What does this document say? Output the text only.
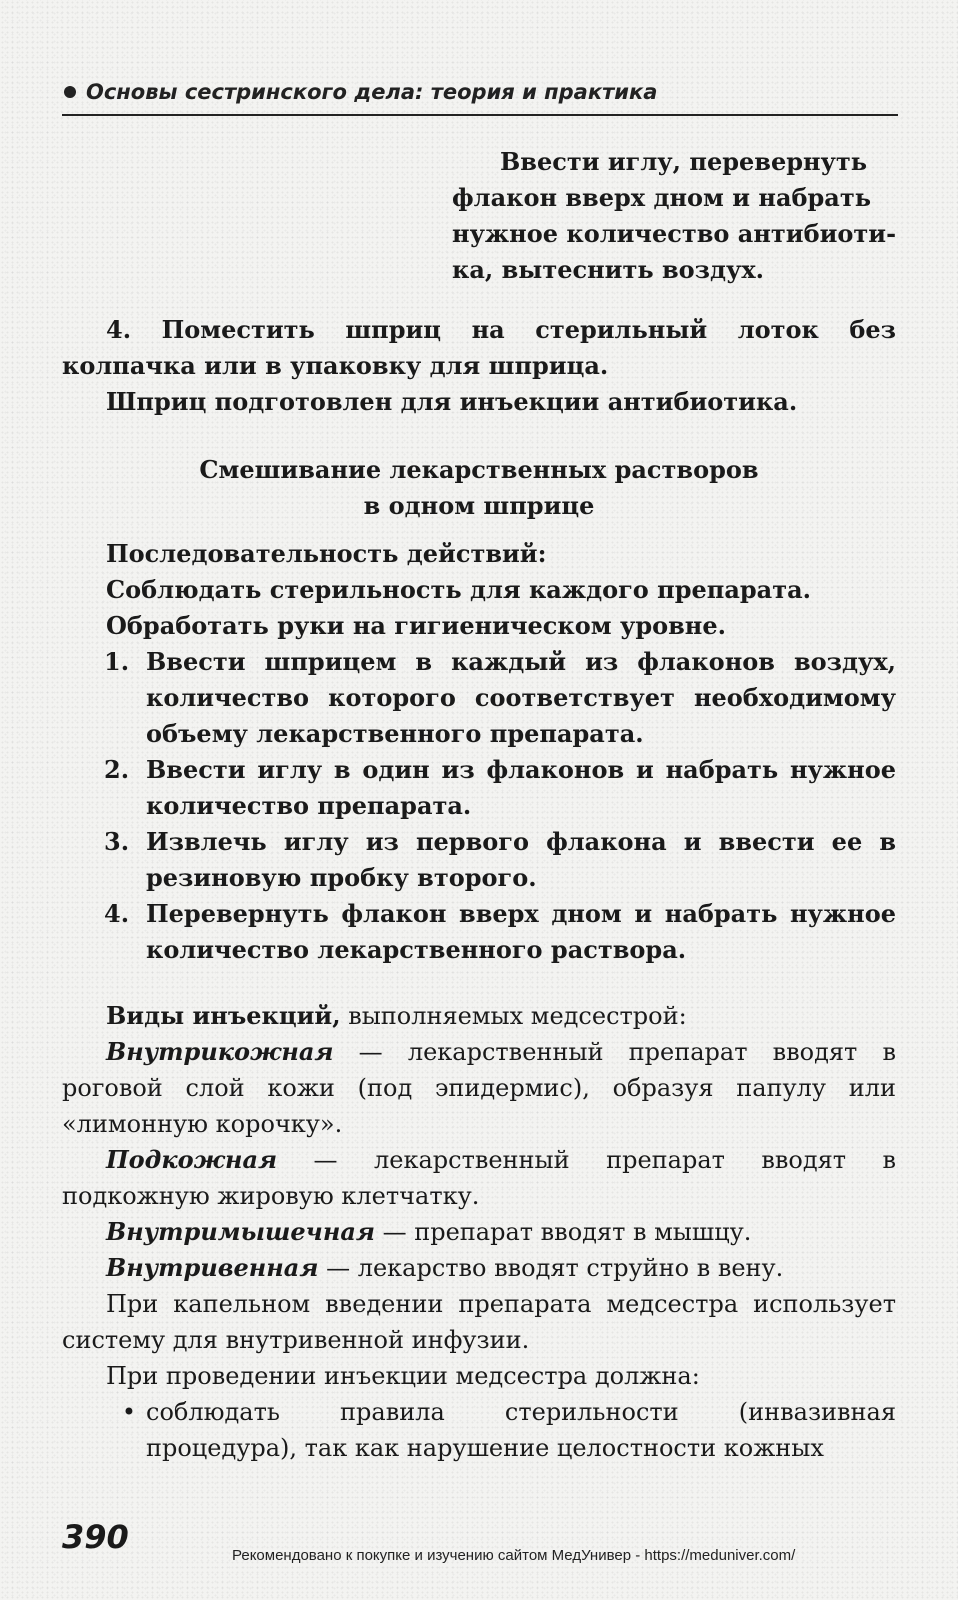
Основы сестринского дела: теория и практика

Ввести иглу, перевернуть

флакон вверх дном и набрать

нужное количество антибиоти-

ка, вытеснить воздух.

4. Поместить шприц на стерильный лоток без колпачка или в упаковку для шприца.

Шприц подготовлен для инъекции антибиотика.

Смешивание лекарственных растворов

в одном шприце

Последовательность действий:

Соблюдать стерильность для каждого препарата.

Обработать руки на гигиеническом уровне.

1. Ввести шприцем в каждый из флаконов воздух, количество которого соответствует необходимому объему лекарственного препарата.
2. Ввести иглу в один из флаконов и набрать нужное количество препарата.
3. Извлечь иглу из первого флакона и ввести ее в резиновую пробку второго.
4. Перевернуть флакон вверх дном и набрать нужное количество лекарственного раствора.

Виды инъекций, выполняемых медсестрой:

Внутрикожная — лекарственный препарат вводят в роговой слой кожи (под эпидермис), образуя папулу или «лимонную корочку».

Подкожная — лекарственный препарат вводят в подкожную жировую клетчатку.

Внутримышечная — препарат вводят в мышцу.

Внутривенная — лекарство вводят струйно в вену.

При капельном введении препарата медсестра использует систему для внутривенной инфузии.

При проведении инъекции медсестра должна:

• соблюдать правила стерильности (инвазивная процедура), так как нарушение целостности кожных
390	Рекомендовано к покупке и изучению сайтом МедУнивер - https://meduniver.com/
